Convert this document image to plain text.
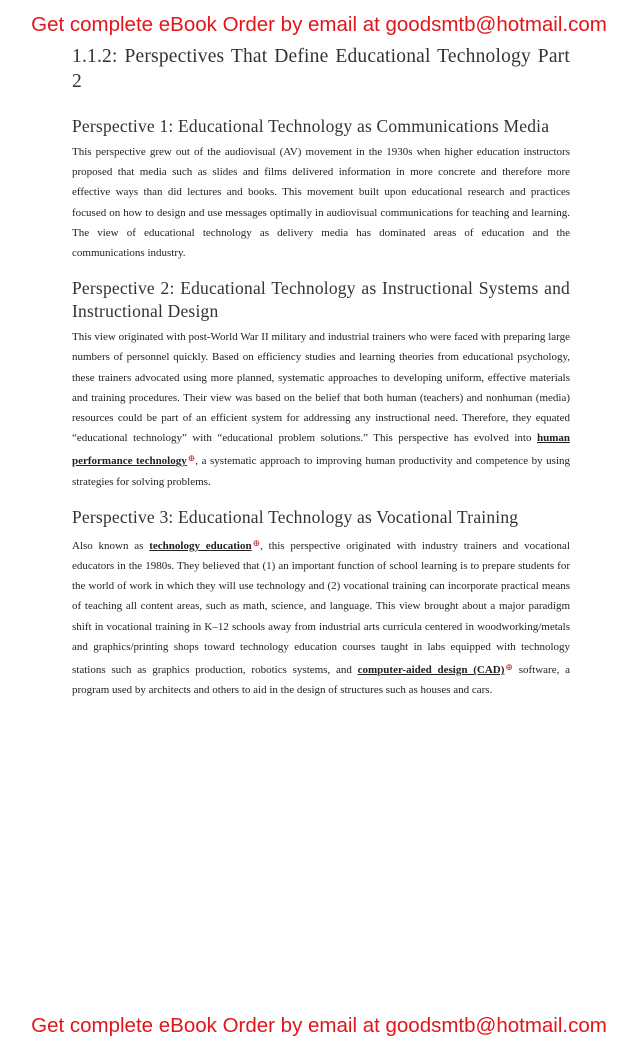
Get complete eBook Order by email at goodsmtb@hotmail.com
1.1.2: Perspectives That Define Educational Technology Part 2
Perspective 1: Educational Technology as Communications Media

This perspective grew out of the audiovisual (AV) movement in the 1930s when higher education instructors proposed that media such as slides and films delivered information in more concrete and therefore more effective ways than did lectures and books. This movement built upon educational research and practices focused on how to design and use messages optimally in audiovisual communications for teaching and learning. The view of educational technology as delivery media has dominated areas of education and the communications industry.

Perspective 2: Educational Technology as Instructional Systems and Instructional Design

This view originated with post-World War II military and industrial trainers who were faced with preparing large numbers of personnel quickly. Based on efficiency studies and learning theories from educational psychology, these trainers advocated using more planned, systematic approaches to developing uniform, effective materials and training procedures. Their view was based on the belief that both human (teachers) and nonhuman (media) resources could be part of an efficient system for addressing any instructional need. Therefore, they equated “educational technology” with “educational problem solutions.” This perspective has evolved into human performance technology⊕, a systematic approach to improving human productivity and competence by using strategies for solving problems.

Perspective 3: Educational Technology as Vocational Training

Also known as technology education⊕, this perspective originated with industry trainers and vocational educators in the 1980s. They believed that (1) an important function of school learning is to prepare students for the world of work in which they will use technology and (2) vocational training can incorporate practical means of teaching all content areas, such as math, science, and language. This view brought about a major paradigm shift in vocational training in K–12 schools away from industrial arts curricula centered in woodworking/metals and graphics/printing shops toward technology education courses taught in labs equipped with technology stations such as graphics production, robotics systems, and computer-aided design (CAD)⊕ software, a program used by architects and others to aid in the design of structures such as houses and cars.

Get complete eBook Order by email at goodsmtb@hotmail.com
